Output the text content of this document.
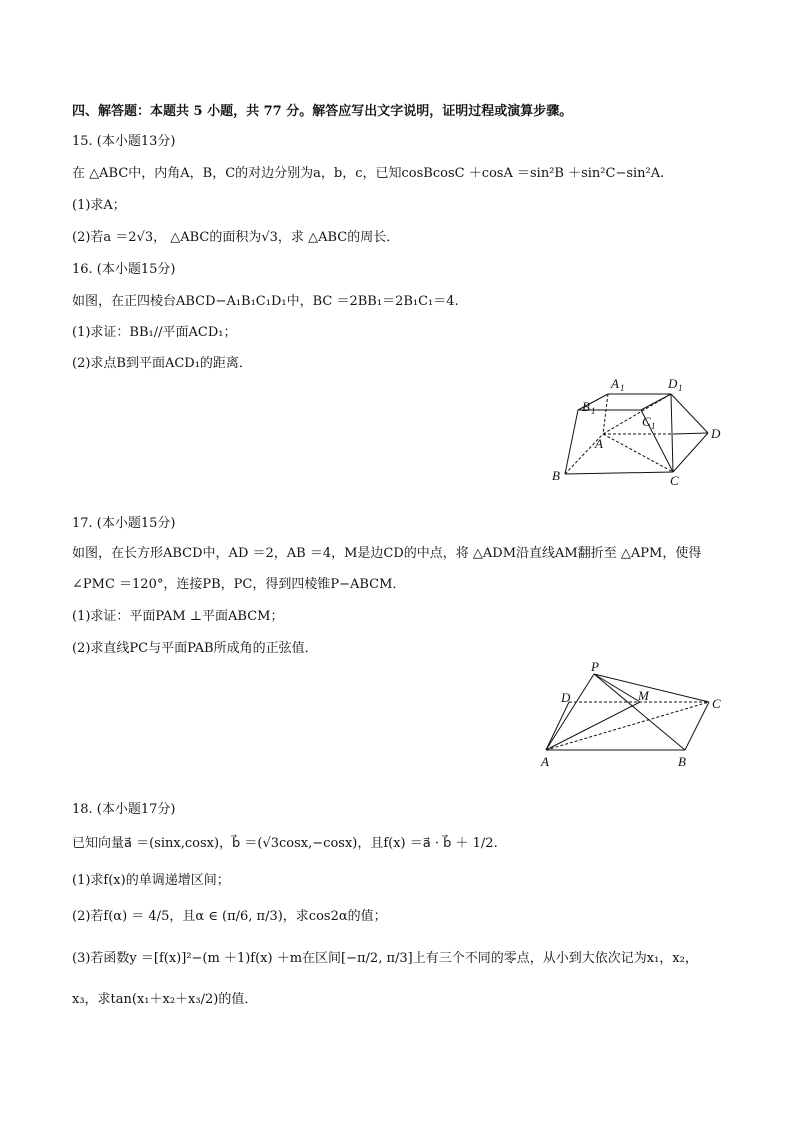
四、解答题：本题共 5 小题，共 77 分。解答应写出文字说明，证明过程或演算步骤。
15. (本小题13分)
在 △ABC中，内角A，B，C的对边分别为a，b，c，已知cosBcosC ＋cosA ＝sin²B ＋sin²C−sin²A.
(1)求A；
(2)若a ＝2√3， △ABC的面积为√3，求 △ABC的周长．
16. (本小题15分)
如图，在正四棱台ABCD−A₁B₁C₁D₁中，BC ＝2BB₁＝2B₁C₁＝4.
(1)求证：BB₁//平面ACD₁；
(2)求点B到平面ACD₁的距离．
A 1	D 1
B 1
C 1
A
B	C
D
17. (本小题15分)
如图，在长方形ABCD中，AD ＝2，AB ＝4，M是边CD的中点，将 △ADM沿直线AM翻折至 △APM，使得
∠PMC ＝120°，连接PB，PC，得到四棱锥P−ABCM．
(1)求证：平面PAM ⊥平面ABCM；
(2)求直线PC与平面PAB所成角的正弦值．
P
D	M
C
A	B
18. (本小题17分)
已知向量a⃗ ＝(sinx,cosx)，b⃗ ＝(√3cosx,−cosx)，且f(x) ＝a⃗ · b⃗ ＋ 1/2.
(1)求f(x)的单调递增区间；
(2)若f(α) ＝ 4/5，且α ∈ (π/6, π/3)，求cos2α的值；
(3)若函数y ＝[f(x)]²−(m ＋1)f(x) ＋m在区间[−π/2, π/3]上有三个不同的零点，从小到大依次记为x₁，x₂，
x₃，求tan(x₁＋x₂＋x₃/2)的值．
